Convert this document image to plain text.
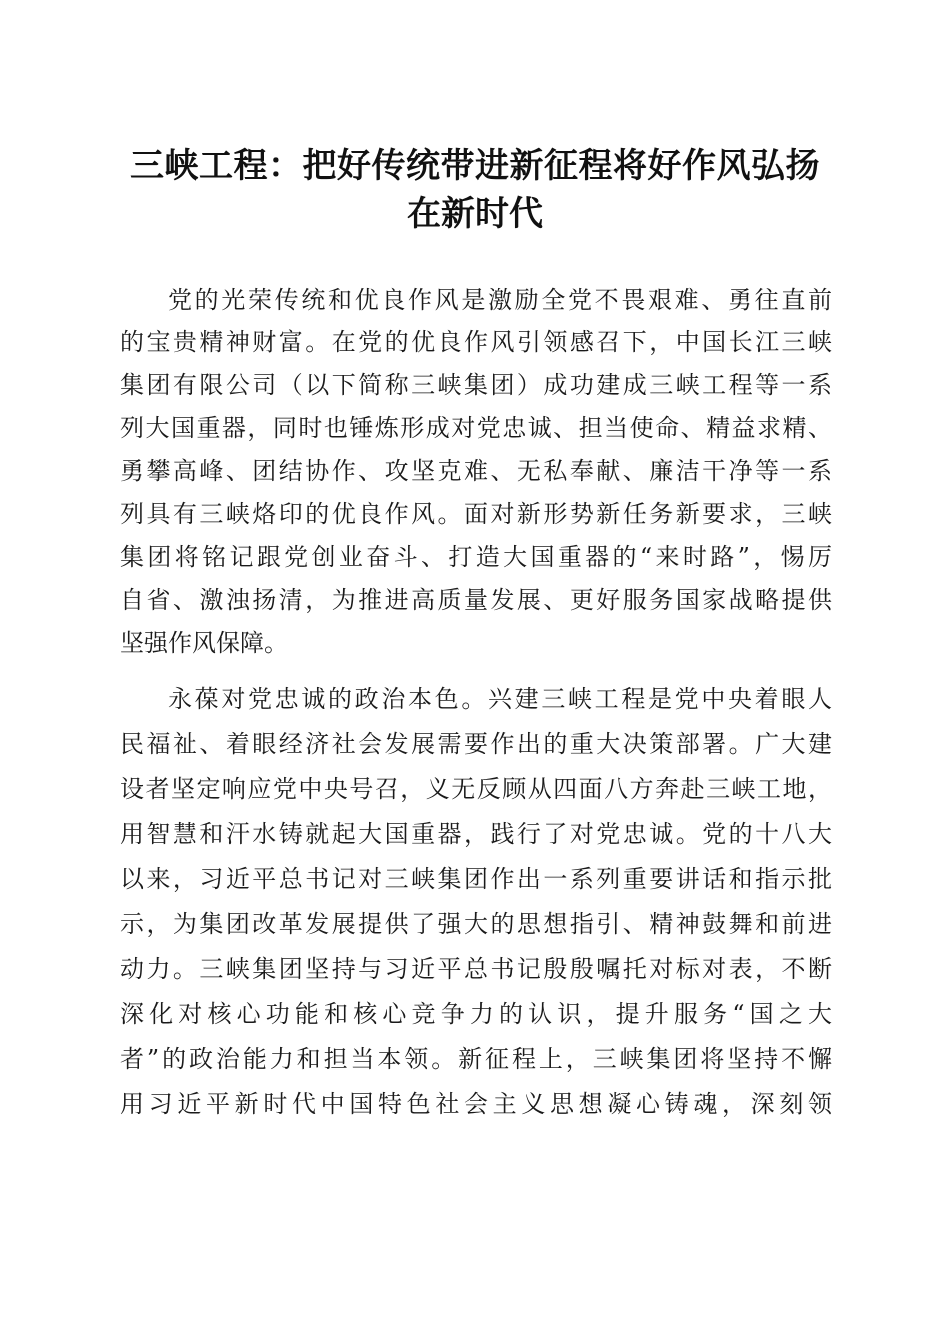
三峡工程：把好传统带进新征程将好作风弘扬
在新时代
党的光荣传统和优良作风是激励全党不畏艰难、勇往直前
的宝贵精神财富。在党的优良作风引领感召下，中国长江三峡
集团有限公司（以下简称三峡集团）成功建成三峡工程等一系
列大国重器，同时也锤炼形成对党忠诚、担当使命、精益求精、
勇攀高峰、团结协作、攻坚克难、无私奉献、廉洁干净等一系
列具有三峡烙印的优良作风。面对新形势新任务新要求，三峡
集团将铭记跟党创业奋斗、打造大国重器的“来时路”，惕厉
自省、激浊扬清，为推进高质量发展、更好服务国家战略提供
坚强作风保障。
永葆对党忠诚的政治本色。兴建三峡工程是党中央着眼人
民福祉、着眼经济社会发展需要作出的重大决策部署。广大建
设者坚定响应党中央号召，义无反顾从四面八方奔赴三峡工地，
用智慧和汗水铸就起大国重器，践行了对党忠诚。党的十八大
以来，习近平总书记对三峡集团作出一系列重要讲话和指示批
示，为集团改革发展提供了强大的思想指引、精神鼓舞和前进
动力。三峡集团坚持与习近平总书记殷殷嘱托对标对表，不断
深化对核心功能和核心竞争力的认识，提升服务“国之大
者”的政治能力和担当本领。新征程上，三峡集团将坚持不懈
用习近平新时代中国特色社会主义思想凝心铸魂，深刻领
